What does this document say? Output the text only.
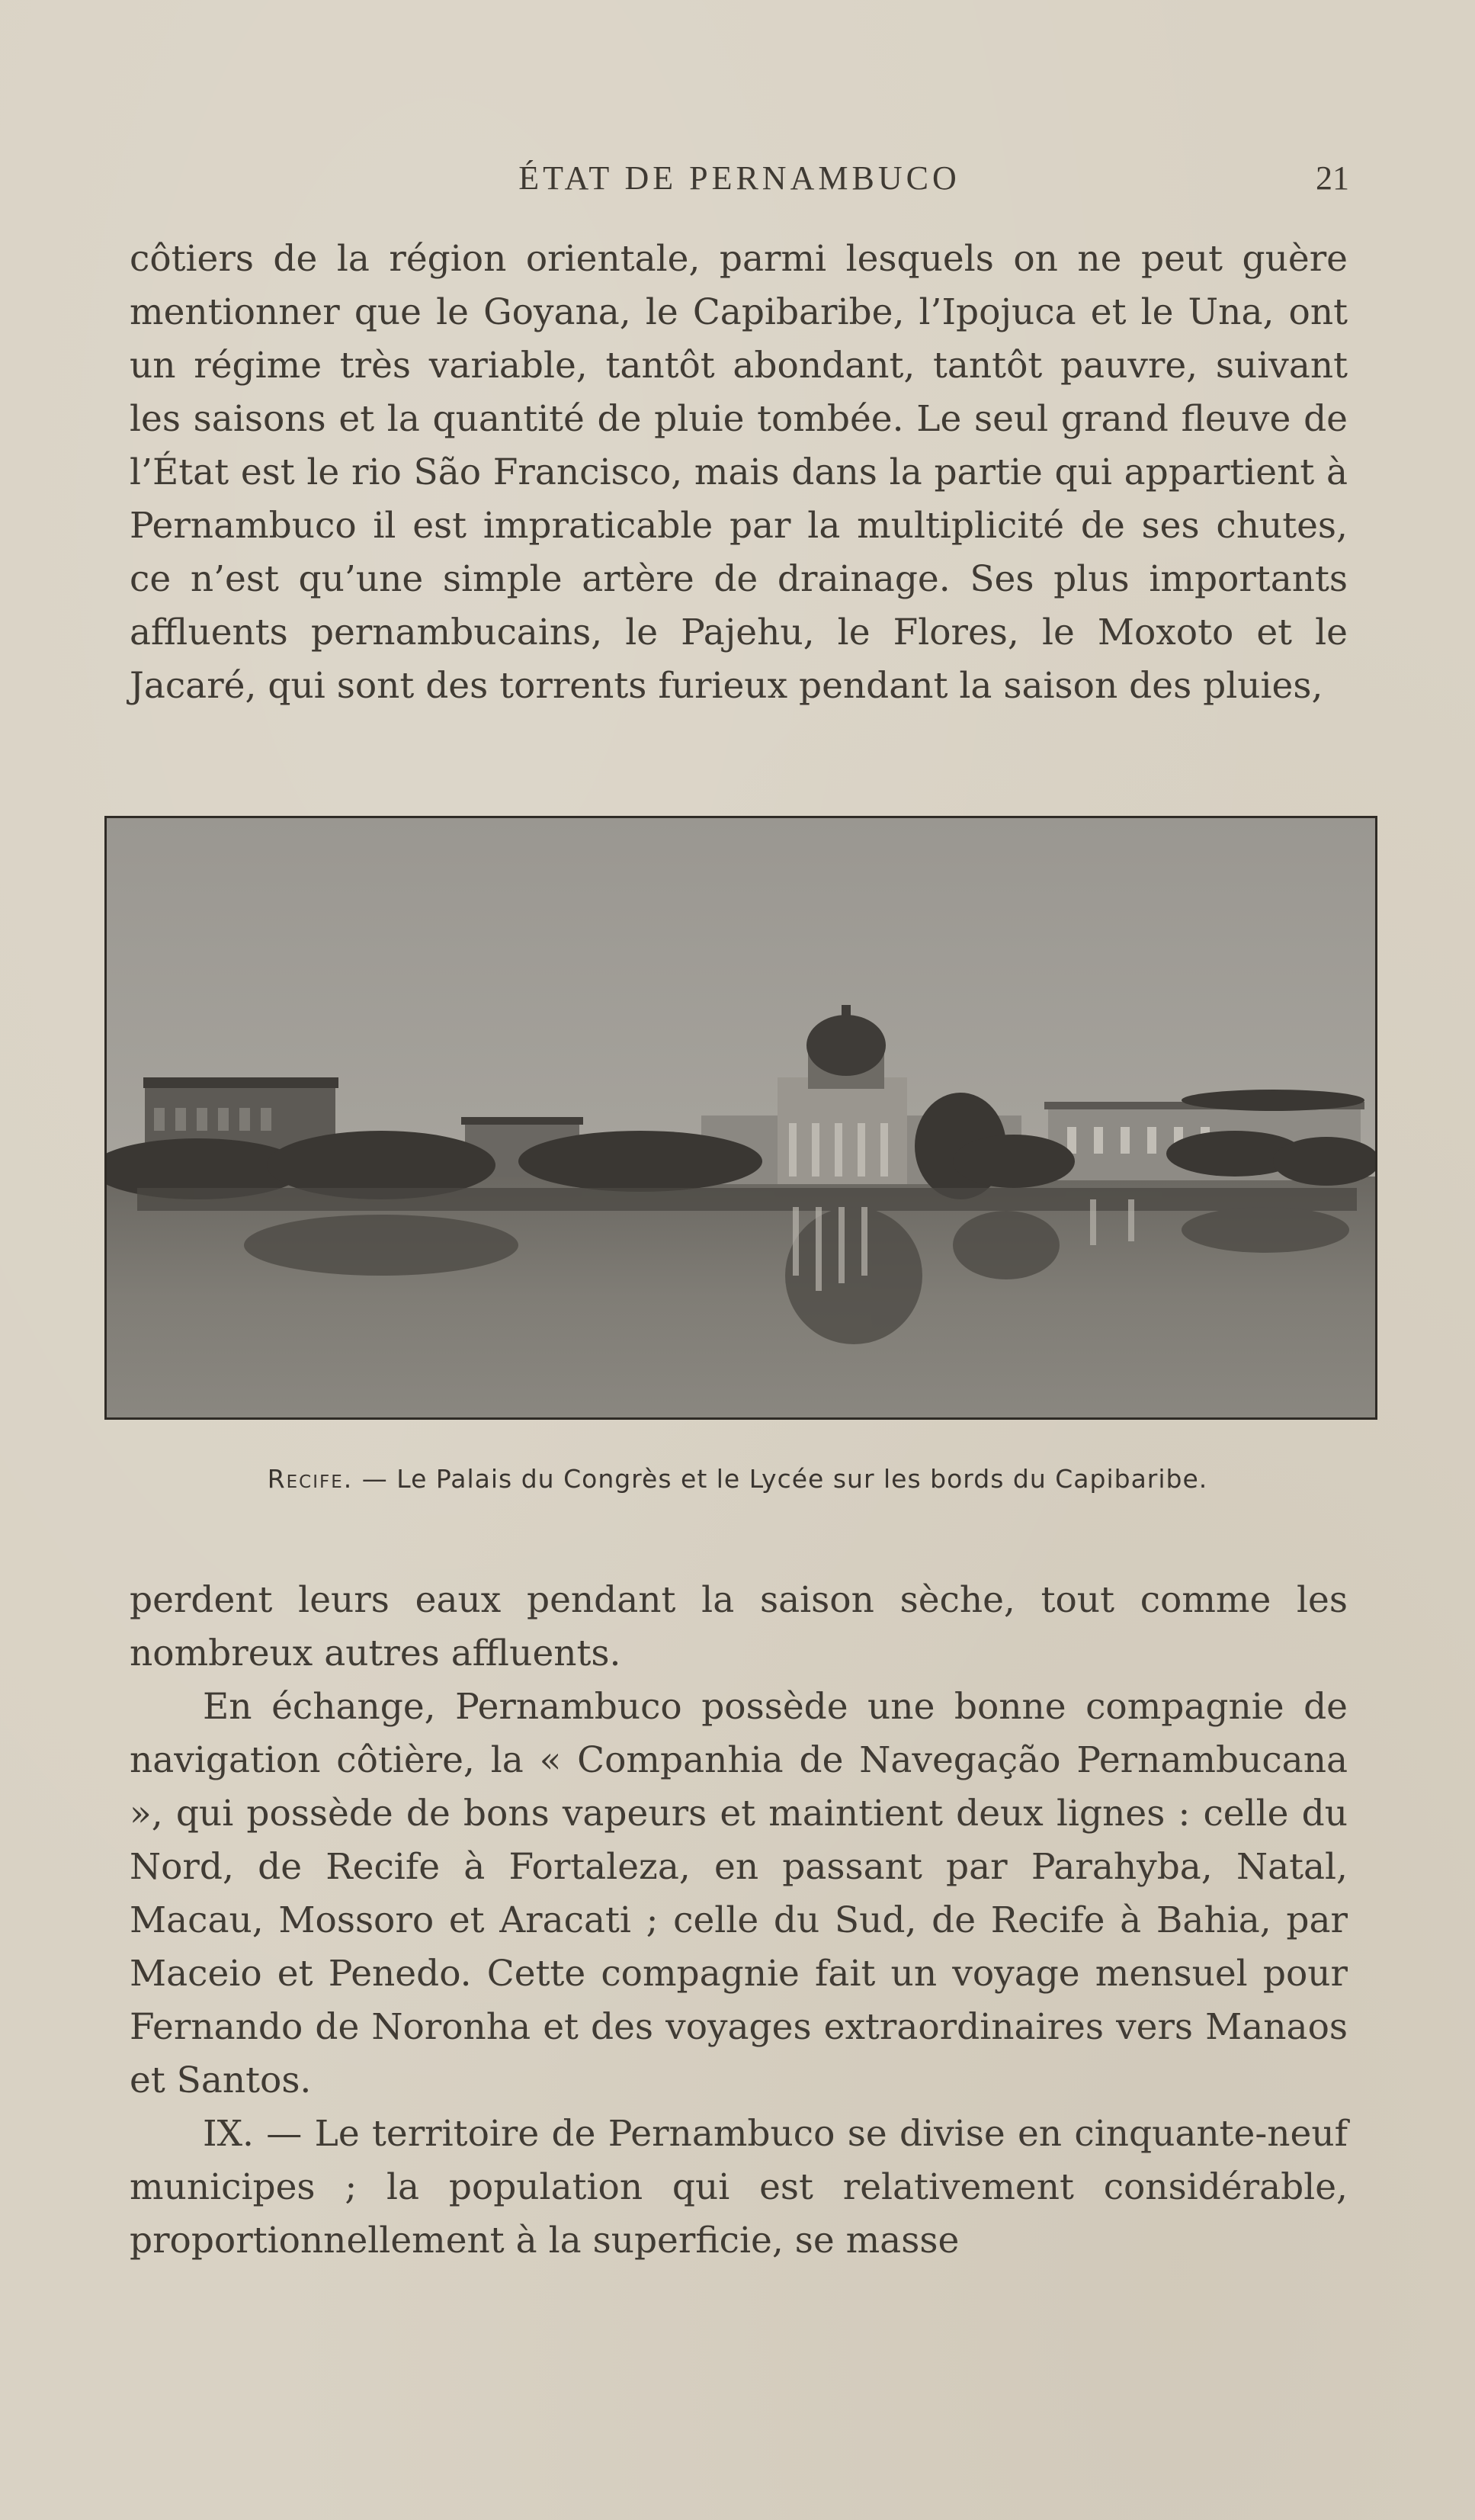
ÉTAT DE PERNAMBUCO	21

côtiers de la région orientale, parmi lesquels on ne peut guère mentionner que le Goyana, le Capibaribe, l’Ipojuca et le Una, ont un régime très variable, tantôt abondant, tantôt pauvre, suivant les saisons et la quantité de pluie tombée. Le seul grand fleuve de l’État est le rio São Francisco, mais dans la partie qui appartient à Pernambuco il est impraticable par la multiplicité de ses chutes, ce n’est qu’une simple artère de drainage. Ses plus importants affluents pernambucains, le Pajehu, le Flores, le Moxoto et le Jacaré, qui sont des torrents furieux pendant la saison des pluies,

Recife. — Le Palais du Congrès et le Lycée sur les bords du Capibaribe.

perdent leurs eaux pendant la saison sèche, tout comme les nombreux autres affluents.

En échange, Pernambuco possède une bonne compagnie de navigation côtière, la « Companhia de Navegação Pernambucana », qui possède de bons vapeurs et maintient deux lignes : celle du Nord, de Recife à Fortaleza, en passant par Parahyba, Natal, Macau, Mossoro et Aracati ; celle du Sud, de Recife à Bahia, par Maceio et Penedo. Cette compagnie fait un voyage mensuel pour Fernando de Noronha et des voyages extraordinaires vers Manaos et Santos.

IX. — Le territoire de Pernambuco se divise en cinquante-neuf municipes ; la population qui est relativement considérable, proportionnellement à la superficie, se masse
